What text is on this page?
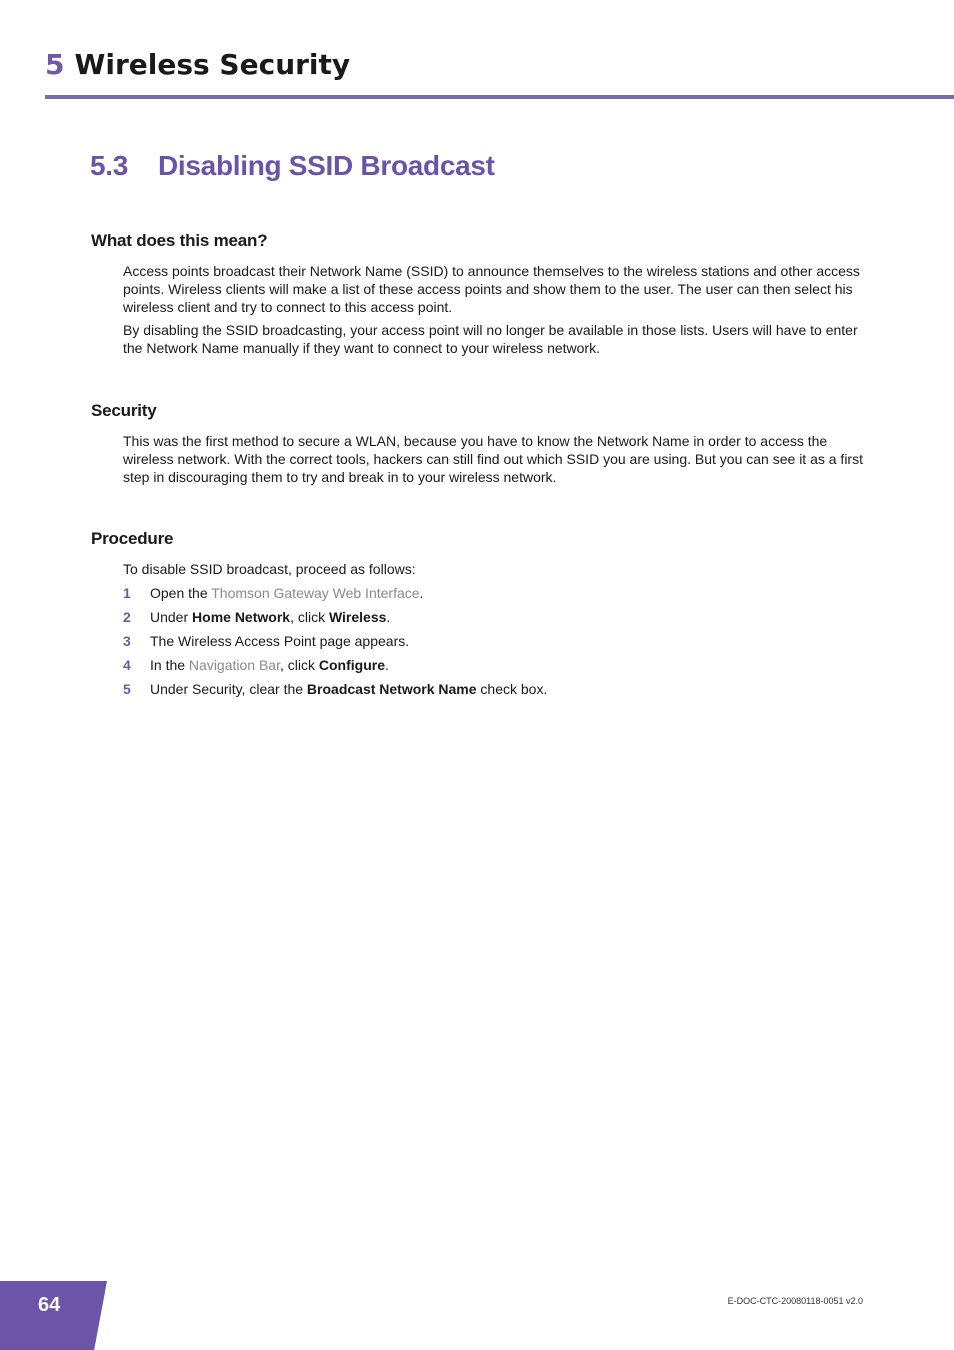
5 Wireless Security
5.3 Disabling SSID Broadcast
What does this mean?

Access points broadcast their Network Name (SSID) to announce themselves to the wireless stations and other access points. Wireless clients will make a list of these access points and show them to the user. The user can then select his wireless client and try to connect to this access point.

By disabling the SSID broadcasting, your access point will no longer be available in those lists. Users will have to enter the Network Name manually if they want to connect to your wireless network.

Security

This was the first method to secure a WLAN, because you have to know the Network Name in order to access the wireless network. With the correct tools, hackers can still find out which SSID you are using. But you can see it as a first step in discouraging them to try and break in to your wireless network.

Procedure

To disable SSID broadcast, proceed as follows:

1 Open the Thomson Gateway Web Interface.
2 Under Home Network, click Wireless.
3 The Wireless Access Point page appears.
4 In the Navigation Bar, click Configure.
5 Under Security, clear the Broadcast Network Name check box.
64	E-DOC-CTC-20080118-0051 v2.0
